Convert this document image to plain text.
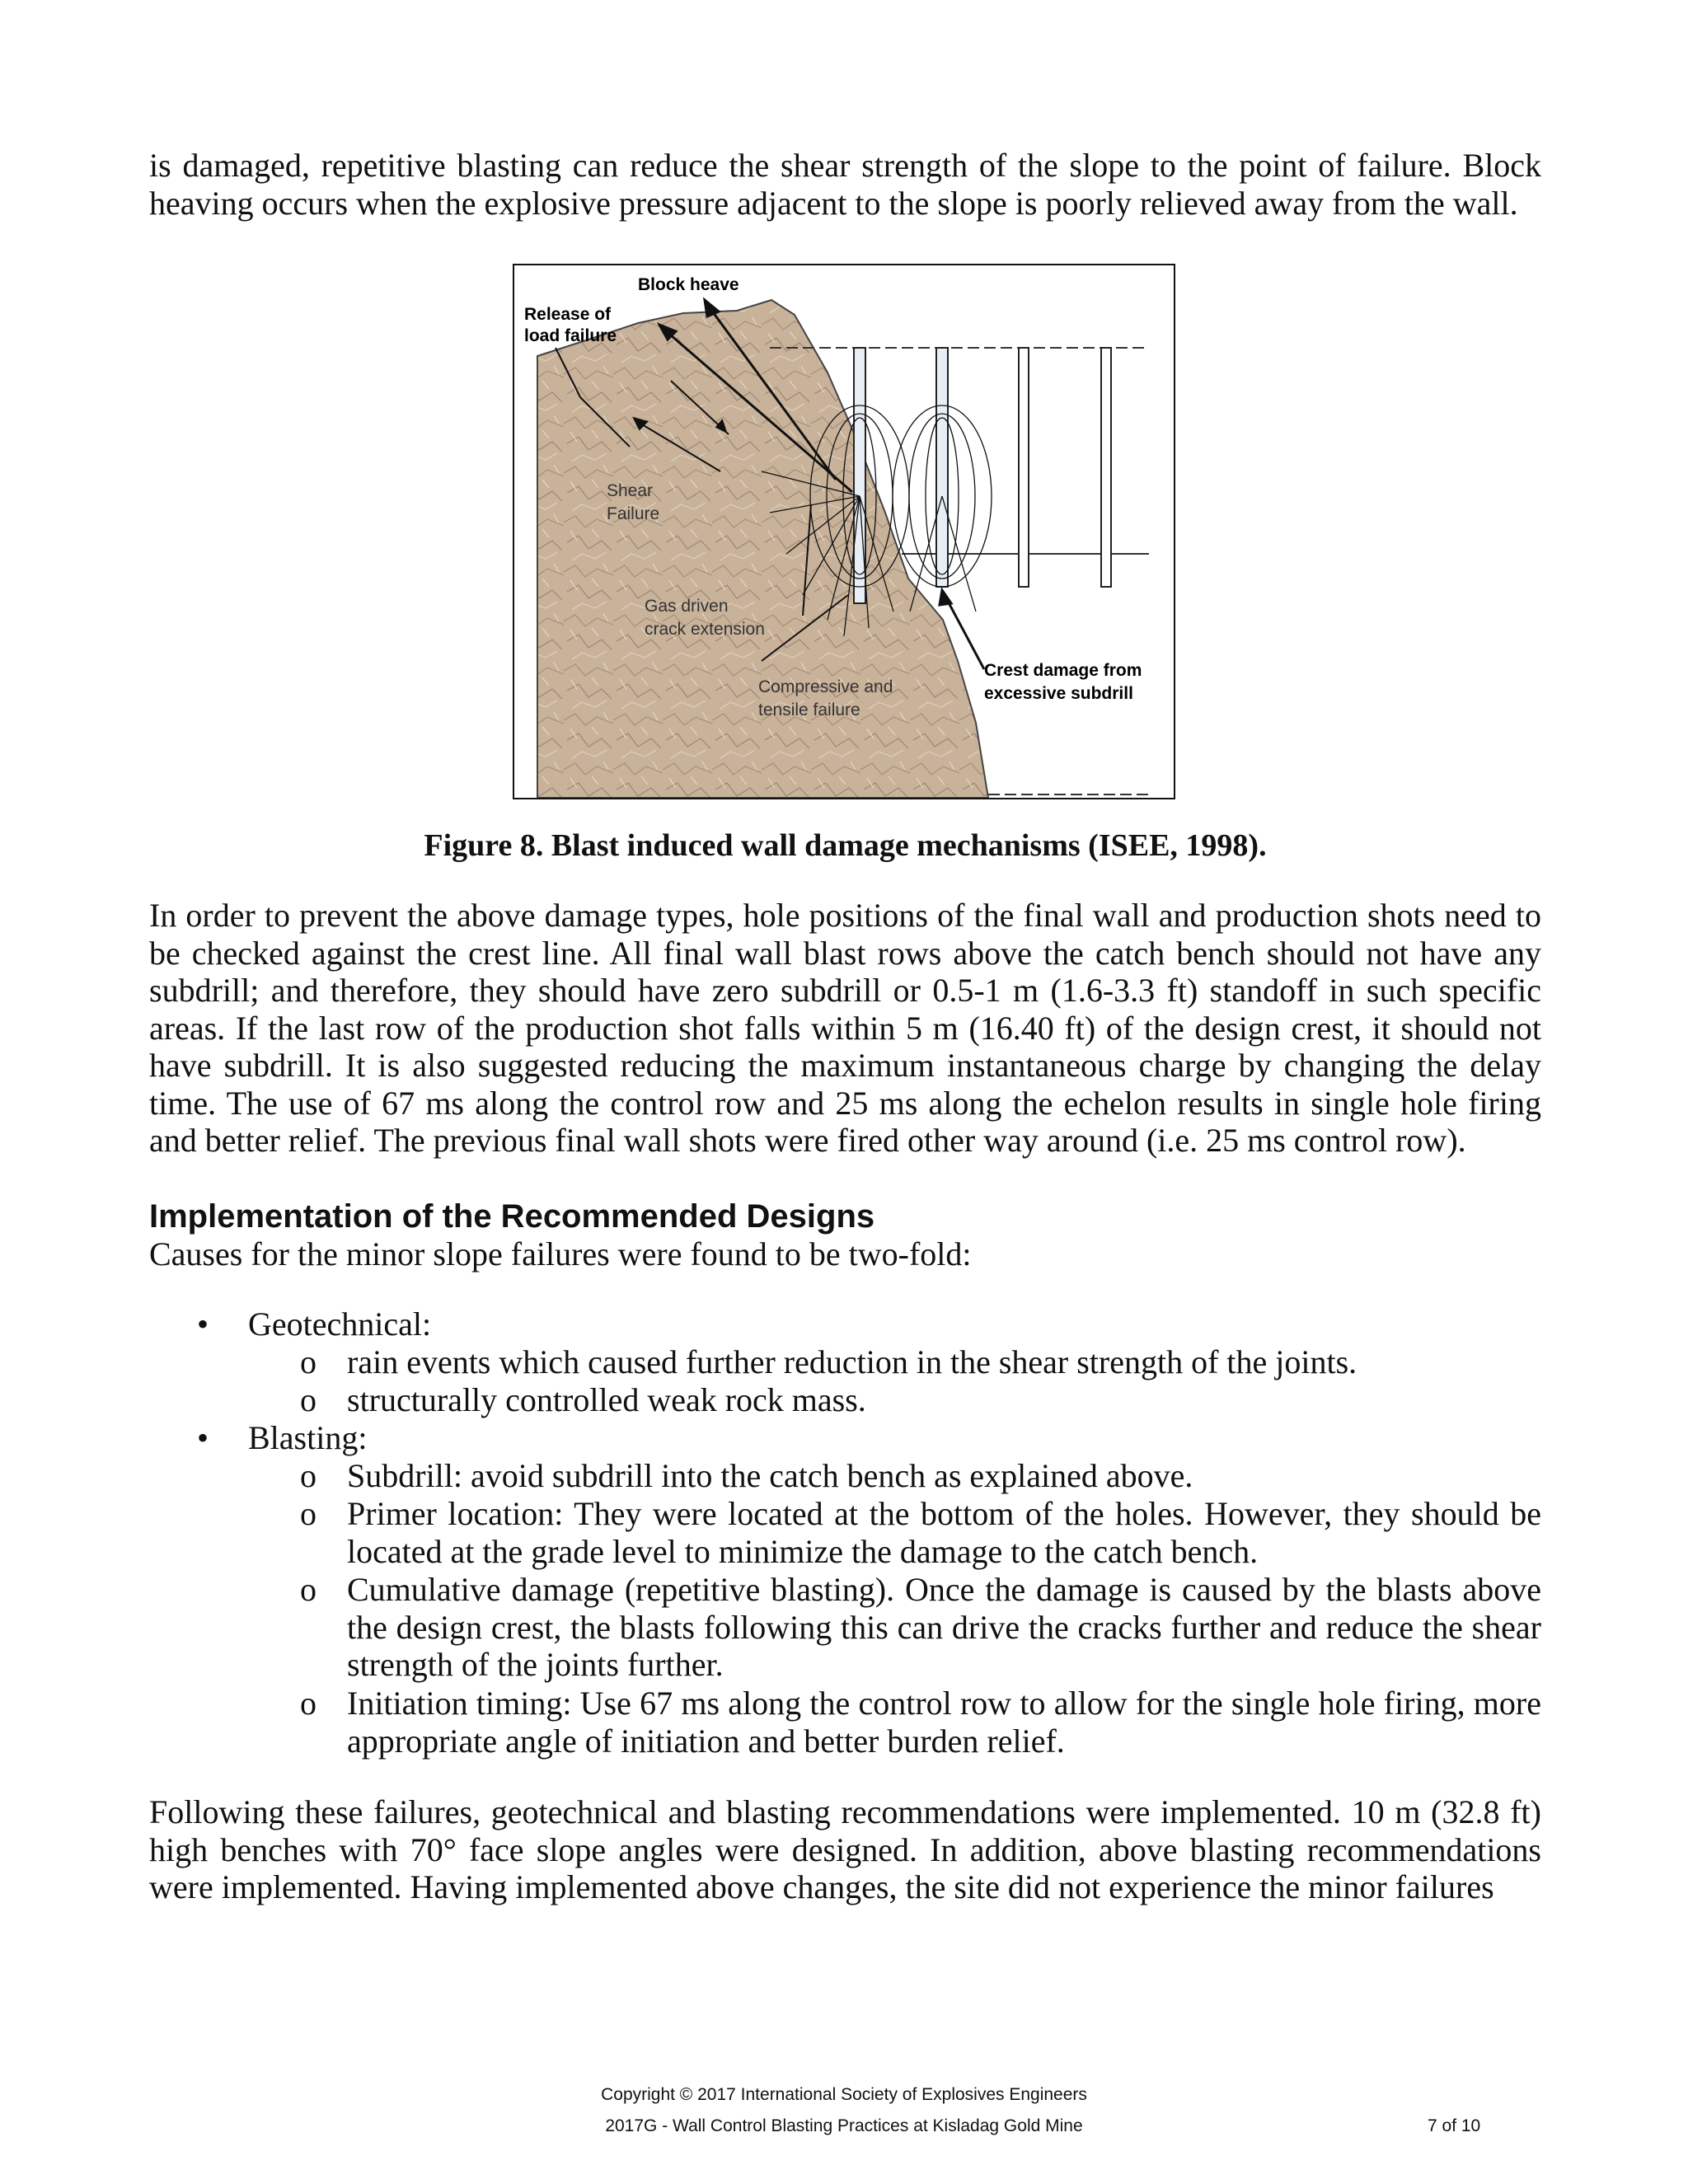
is damaged, repetitive blasting can reduce the shear strength of the slope to the point of failure. Block heaving occurs when the explosive pressure adjacent to the slope is poorly relieved away from the wall.

Block heave
Release of
load failure
Shear
Failure
Gas driven
crack extension
Compressive and
tensile failure
Crest damage from
excessive subdrill

Figure 8. Blast induced wall damage mechanisms (ISEE, 1998).

In order to prevent the above damage types, hole positions of the final wall and production shots need to be checked against the crest line. All final wall blast rows above the catch bench should not have any subdrill; and therefore, they should have zero subdrill or 0.5-1 m (1.6-3.3 ft) standoff in such specific areas. If the last row of the production shot falls within 5 m (16.40 ft) of the design crest, it should not have subdrill. It is also suggested reducing the maximum instantaneous charge by changing the delay time. The use of 67 ms along the control row and 25 ms along the echelon results in single hole firing and better relief. The previous final wall shots were fired other way around (i.e. 25 ms control row).

Implementation of the Recommended Designs

Causes for the minor slope failures were found to be two-fold:

• Geotechnical:
o rain events which caused further reduction in the shear strength of the joints.
o structurally controlled weak rock mass.
• Blasting:
o Subdrill: avoid subdrill into the catch bench as explained above.
o Primer location: They were located at the bottom of the holes. However, they should be located at the grade level to minimize the damage to the catch bench.
o Cumulative damage (repetitive blasting). Once the damage is caused by the blasts above the design crest, the blasts following this can drive the cracks further and reduce the shear strength of the joints further.
o Initiation timing: Use 67 ms along the control row to allow for the single hole firing, more appropriate angle of initiation and better burden relief.

Following these failures, geotechnical and blasting recommendations were implemented. 10 m (32.8 ft) high benches with 70° face slope angles were designed. In addition, above blasting recommendations were implemented. Having implemented above changes, the site did not experience the minor failures

Copyright © 2017 International Society of Explosives Engineers
2017G - Wall Control Blasting Practices at Kisladag Gold Mine	7 of 10
